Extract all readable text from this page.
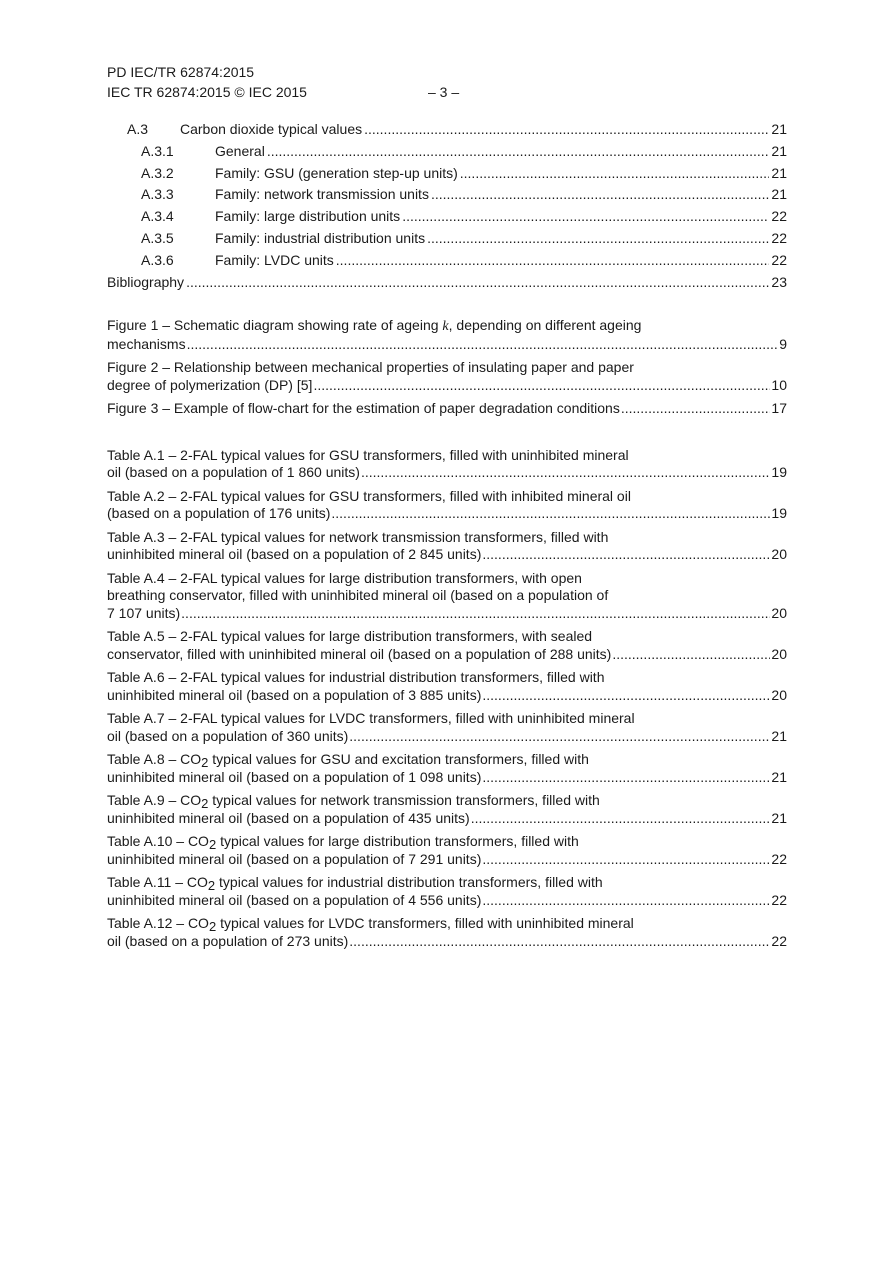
PD IEC/TR 62874:2015
IEC TR 62874:2015 © IEC 2015	– 3 –
A.3 Carbon dioxide typical values .....	21
A.3.1	General .....	21
A.3.2	Family: GSU (generation step-up units) .....	21
A.3.3	Family: network transmission units .....	21
A.3.4	Family: large distribution units .....	22
A.3.5	Family: industrial distribution units .....	22
A.3.6	Family: LVDC units .....	22
Bibliography .....	23
Figure 1 – Schematic diagram showing rate of ageing k, depending on different ageing
mechanisms .....	9
Figure 2 – Relationship between mechanical properties of insulating paper and paper
degree of polymerization (DP) [5] .....	10
Figure 3 – Example of flow-chart for the estimation of paper degradation conditions .....	17
Table A.1 – 2-FAL typical values for GSU transformers, filled with uninhibited mineral
oil (based on a population of 1 860 units) .....	19
Table A.2 – 2-FAL typical values for GSU transformers, filled with inhibited mineral oil
(based on a population of 176 units) .....	19
Table A.3 – 2-FAL typical values for network transmission transformers, filled with
uninhibited mineral oil (based on a population of 2 845 units) .....	20
Table A.4 – 2-FAL typical values for large distribution transformers, with open
breathing conservator, filled with uninhibited mineral oil (based on a population of
7 107 units) .....	20
Table A.5 – 2-FAL typical values for large distribution transformers, with sealed
conservator, filled with uninhibited mineral oil (based on a population of 288 units) .....	20
Table A.6 – 2-FAL typical values for industrial distribution transformers, filled with
uninhibited mineral oil (based on a population of 3 885 units) .....	20
Table A.7 – 2-FAL typical values for LVDC transformers, filled with uninhibited mineral
oil (based on a population of 360 units) .....	21
Table $A.8 - CO_2$ typical values for GSU and excitation transformers, filled with
uninhibited mineral oil (based on a population of 1 098 units) .....	21
Table $A.9 - CO_2$ typical values for network transmission transformers, filled with
uninhibited mineral oil (based on a population of 435 units) .....	21
Table $A.10 - CO_2$ typical values for large distribution transformers, filled with
uninhibited mineral oil (based on a population of 7 291 units) .....	22
Table $A.11 - CO_2$ typical values for industrial distribution transformers, filled with
uninhibited mineral oil (based on a population of 4 556 units) .....	22
Table $A.12 - CO_2$ typical values for LVDC transformers, filled with uninhibited mineral
oil (based on a population of 273 units) .....	22
